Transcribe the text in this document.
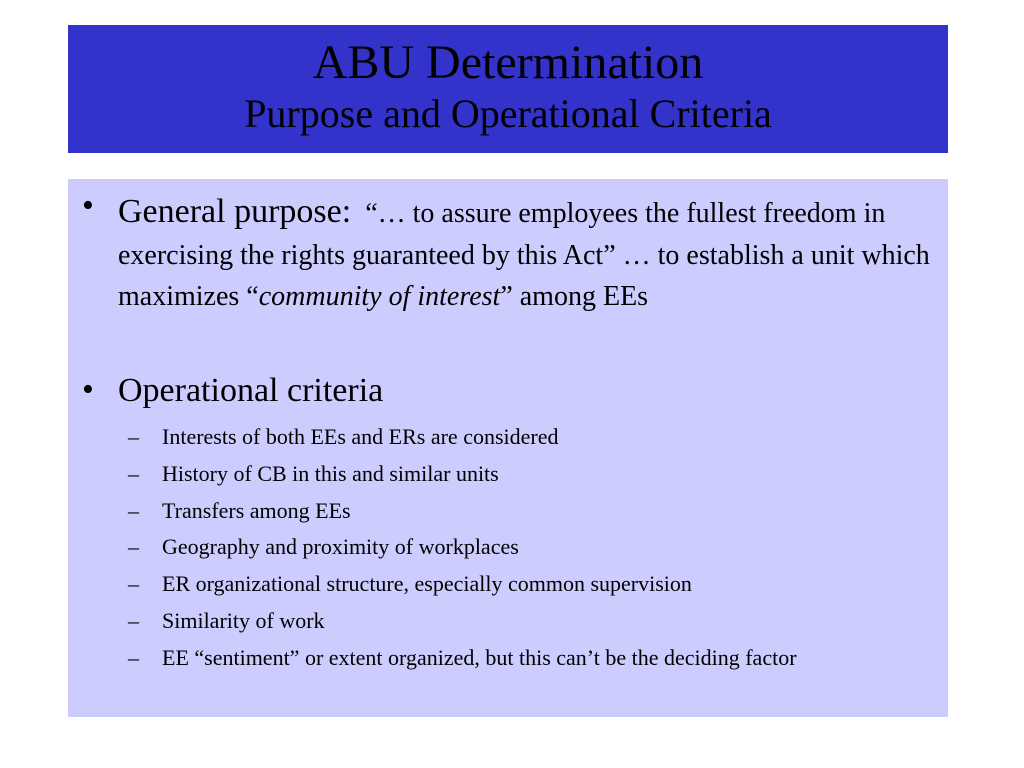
ABU Determination
Purpose and Operational Criteria
• General purpose: “… to assure employees the fullest freedom in exercising the rights guaranteed by this Act” … to establish a unit which maximizes “community of interest” among EEs
• Operational criteria
– Interests of both EEs and ERs are considered
– History of CB in this and similar units
– Transfers among EEs
– Geography and proximity of workplaces
– ER organizational structure, especially common supervision
– Similarity of work
– EE “sentiment” or extent organized, but this can’t be the deciding factor
